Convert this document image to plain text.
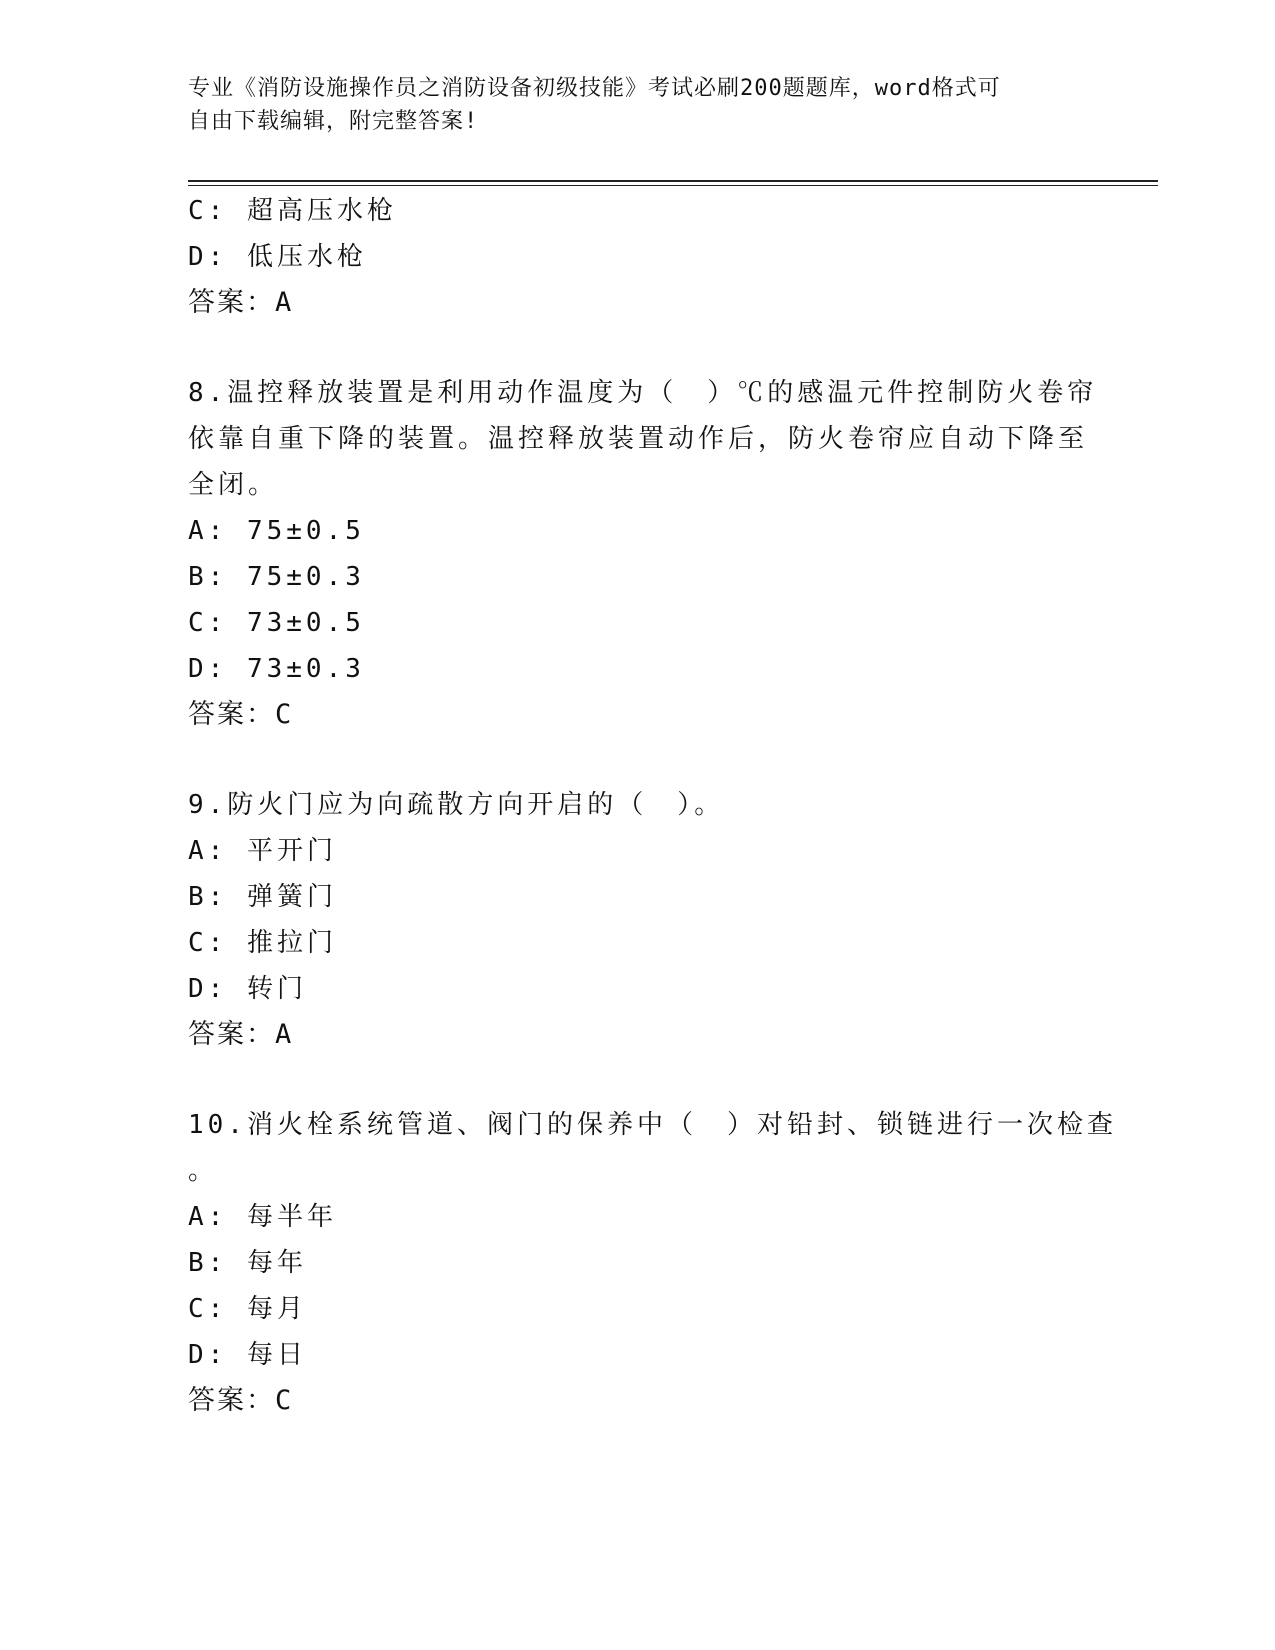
专业《消防设施操作员之消防设备初级技能》考试必刷200题题库，word格式可
自由下载编辑，附完整答案!
C: 超高压水枪
D: 低压水枪
答案：A
8.温控释放装置是利用动作温度为（　）℃的感温元件控制防火卷帘
依靠自重下降的装置。温控释放装置动作后，防火卷帘应自动下降至
全闭。
A: 75±0.5
B: 75±0.3
C: 73±0.5
D: 73±0.3
答案：C
9.防火门应为向疏散方向开启的（　）。
A: 平开门
B: 弹簧门
C: 推拉门
D: 转门
答案：A
10.消火栓系统管道、阀门的保养中（　）对铅封、锁链进行一次检查
。
A: 每半年
B: 每年
C: 每月
D: 每日
答案：C
